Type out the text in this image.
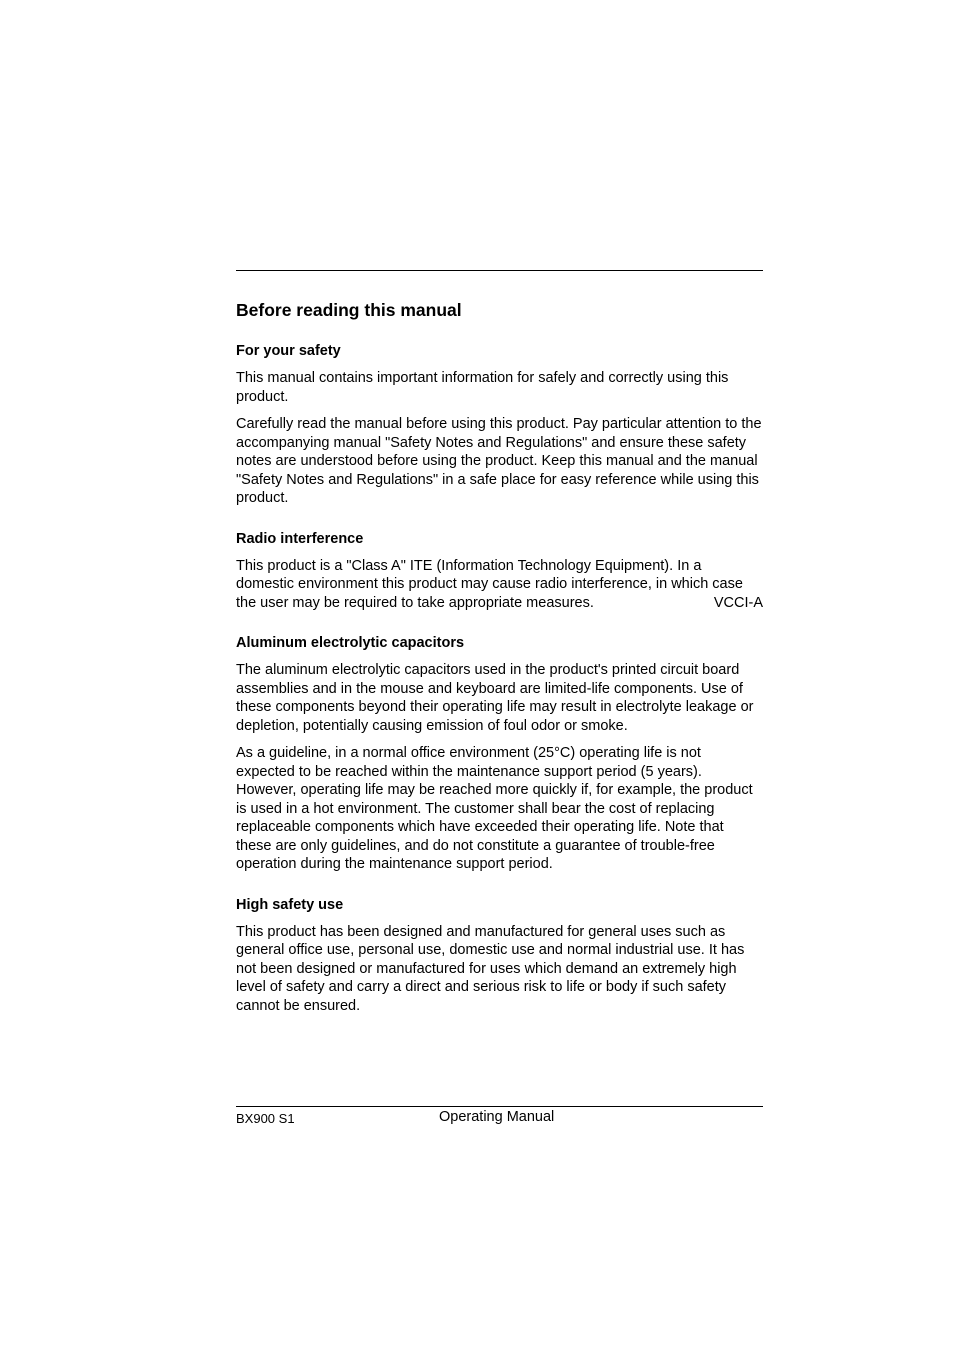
Before reading this manual
For your safety

This manual contains important information for safely and correctly using this product.

Carefully read the manual before using this product. Pay particular attention to the accompanying manual "Safety Notes and Regulations" and ensure these safety notes are understood before using the product. Keep this manual and the manual "Safety Notes and Regulations" in a safe place for easy reference while using this product.

Radio interference

This product is a "Class A" ITE (Information Technology Equipment). In a domestic environment this product may cause radio interference, in which case

the user may be required to take appropriate measures.	VCCI-A

Aluminum electrolytic capacitors

The aluminum electrolytic capacitors used in the product's printed circuit board assemblies and in the mouse and keyboard are limited-life components. Use of these components beyond their operating life may result in electrolyte leakage or depletion, potentially causing emission of foul odor or smoke.

As a guideline, in a normal office environment (25°C) operating life is not expected to be reached within the maintenance support period (5 years). However, operating life may be reached more quickly if, for example, the product is used in a hot environment. The customer shall bear the cost of replacing replaceable components which have exceeded their operating life. Note that these are only guidelines, and do not constitute a guarantee of trouble-free operation during the maintenance support period.

High safety use

This product has been designed and manufactured for general uses such as general office use, personal use, domestic use and normal industrial use. It has not been designed or manufactured for uses which demand an extremely high level of safety and carry a direct and serious risk to life or body if such safety cannot be ensured.

BX900 S1	Operating Manual
